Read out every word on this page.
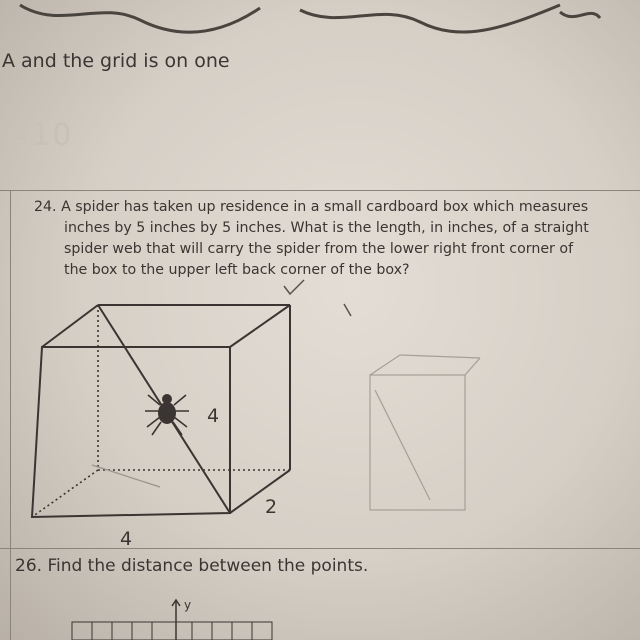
A and the grid is on one
=10
24. A spider has taken up residence in a small cardboard box which measures
inches by 5 inches by 5 inches. What is the length, in inches, of a straight
spider web that will carry the spider from the lower right front corner of
the box to the upper left back corner of the box?
4
2
4
26. Find the distance between the points.
y
